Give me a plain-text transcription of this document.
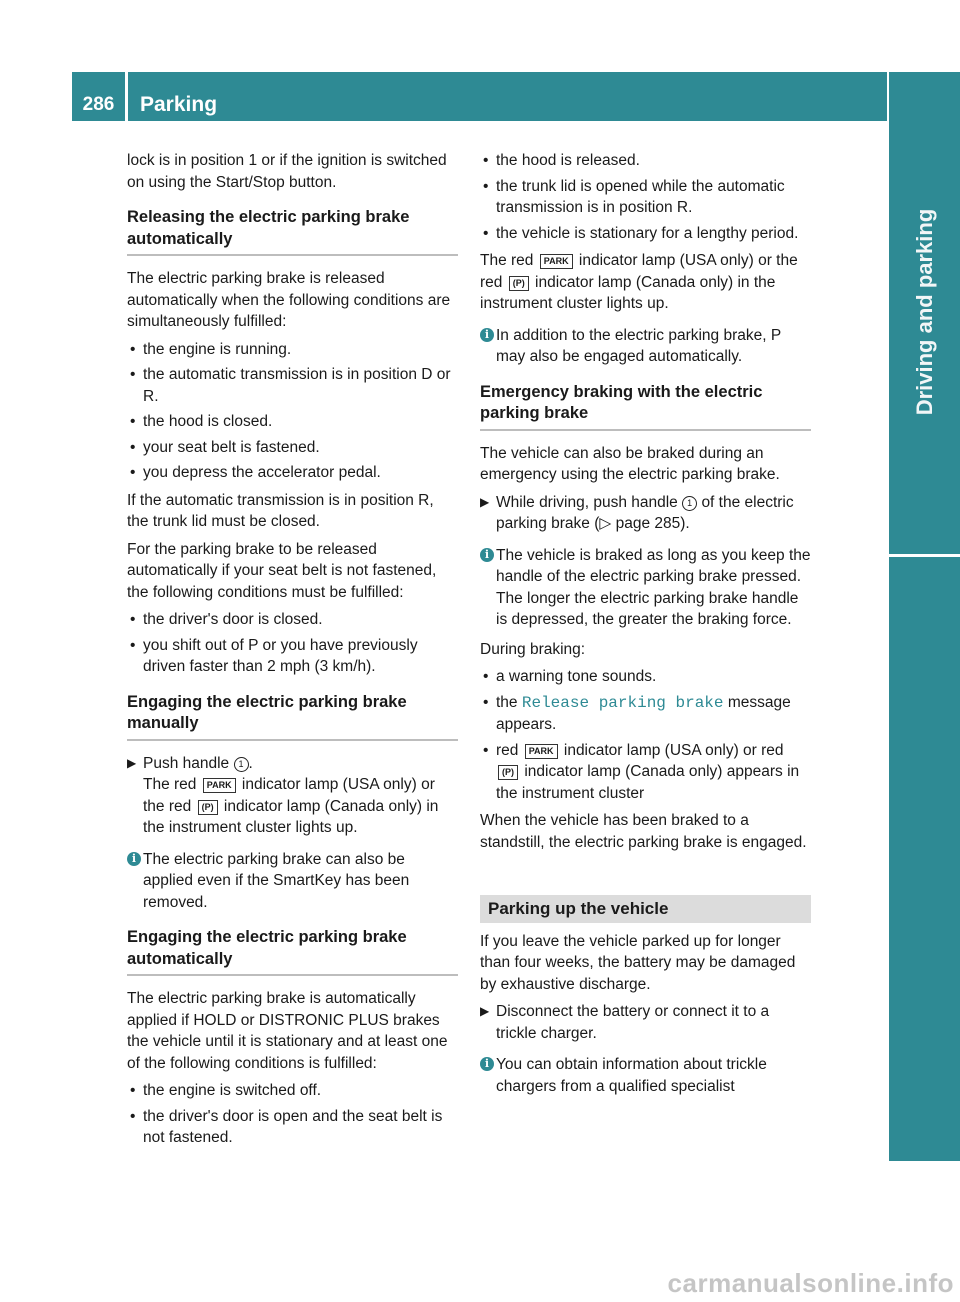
286	Parking
Driving and parking

lock is in position 1 or if the ignition is switched on using the Start/Stop button.

Releasing the electric parking brake automatically

The electric parking brake is released automatically when the following conditions are simultaneously fulfilled:

• the engine is running.
• the automatic transmission is in position D or R.
• the hood is closed.
• your seat belt is fastened.
• you depress the accelerator pedal.

If the automatic transmission is in position R, the trunk lid must be closed.

For the parking brake to be released automatically if your seat belt is not fastened, the following conditions must be fulfilled:

• the driver's door is closed.
• you shift out of P or you have previously driven faster than 2 mph (3 km/h).
Engaging the electric parking brake manually
▶ Push handle 1 .
The red PARK indicator lamp (USA only) or the red (P) indicator lamp (Canada only) in the instrument cluster lights up.
i The electric parking brake can also be applied even if the SmartKey has been removed.
Engaging the electric parking brake automatically

The electric parking brake is automatically applied if HOLD or DISTRONIC PLUS brakes the vehicle until it is stationary and at least one of the following conditions is fulfilled:

• the engine is switched off.
• the driver's door is open and the seat belt is not fastened.
• the hood is released.
• the trunk lid is opened while the automatic transmission is in position R.
• the vehicle is stationary for a lengthy period.

The red PARK indicator lamp (USA only) or the red (P) indicator lamp (Canada only) in the instrument cluster lights up.

i In addition to the electric parking brake, P may also be engaged automatically.
Emergency braking with the electric parking brake

The vehicle can also be braked during an emergency using the electric parking brake.

▶ While driving, push handle 1 of the electric parking brake (▷ page 285).
i The vehicle is braked as long as you keep the handle of the electric parking brake pressed. The longer the electric parking brake handle is depressed, the greater the braking force.

During braking:

• a warning tone sounds.
• the Release parking brake message appears.
• red PARK indicator lamp (USA only) or red (P) indicator lamp (Canada only) appears in the instrument cluster

When the vehicle has been braked to a standstill, the electric parking brake is engaged.

Parking up the vehicle

If you leave the vehicle parked up for longer than four weeks, the battery may be damaged by exhaustive discharge.

▶ Disconnect the battery or connect it to a trickle charger.
i You can obtain information about trickle chargers from a qualified specialist
carmanualsonline.info
